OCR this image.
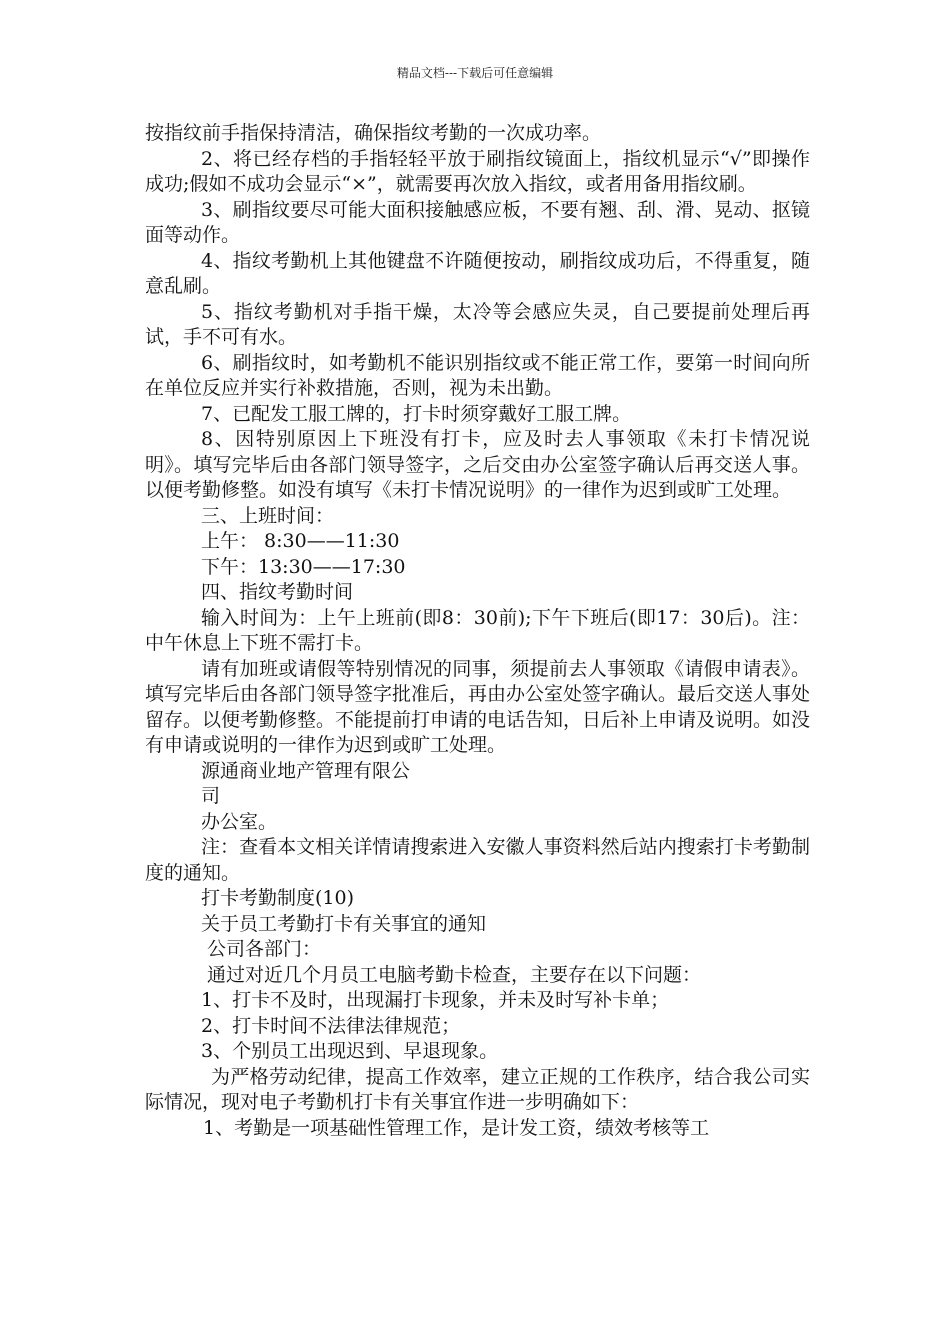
精品文档---下载后可任意编辑

按指纹前手指保持清洁，确保指纹考勤的一次成功率。

2、将已经存档的手指轻轻平放于刷指纹镜面上，指纹机显示“√”即操作成功;假如不成功会显示“×”，就需要再次放入指纹，或者用备用指纹刷。

3、刷指纹要尽可能大面积接触感应板，不要有翘、刮、滑、晃动、抠镜面等动作。

4、指纹考勤机上其他键盘不许随便按动，刷指纹成功后，不得重复，随意乱刷。

5、指纹考勤机对手指干燥，太冷等会感应失灵，自己要提前处理后再试，手不可有水。

6、刷指纹时，如考勤机不能识别指纹或不能正常工作，要第一时间向所在单位反应并实行补救措施，否则，视为未出勤。

7、已配发工服工牌的，打卡时须穿戴好工服工牌。

8、因特别原因上下班没有打卡，应及时去人事领取《未打卡情况说明》。填写完毕后由各部门领导签字，之后交由办公室签字确认后再交送人事。以便考勤修整。如没有填写《未打卡情况说明》的一律作为迟到或旷工处理。

三、上班时间：

上午： 8:30——11:30

下午：13:30——17:30

四、指纹考勤时间

输入时间为：上午上班前(即8：30前);下午下班后(即17：30后)。注：中午休息上下班不需打卡。

请有加班或请假等特别情况的同事，须提前去人事领取《请假申请表》。填写完毕后由各部门领导签字批准后，再由办公室处签字确认。最后交送人事处留存。以便考勤修整。不能提前打申请的电话告知，日后补上申请及说明。如没有申请或说明的一律作为迟到或旷工处理。

源通商业地产管理有限公

司

办公室。

注：查看本文相关详情请搜索进入安徽人事资料然后站内搜索打卡考勤制度的通知。

打卡考勤制度(10)

关于员工考勤打卡有关事宜的通知

公司各部门：

通过对近几个月员工电脑考勤卡检查，主要存在以下问题：

1、打卡不及时，出现漏打卡现象，并未及时写补卡单；

2、打卡时间不法律法律规范；

3、个别员工出现迟到、早退现象。

为严格劳动纪律，提高工作效率，建立正规的工作秩序，结合我公司实际情况，现对电子考勤机打卡有关事宜作进一步明确如下：

1、考勤是一项基础性管理工作，是计发工资，绩效考核等工
